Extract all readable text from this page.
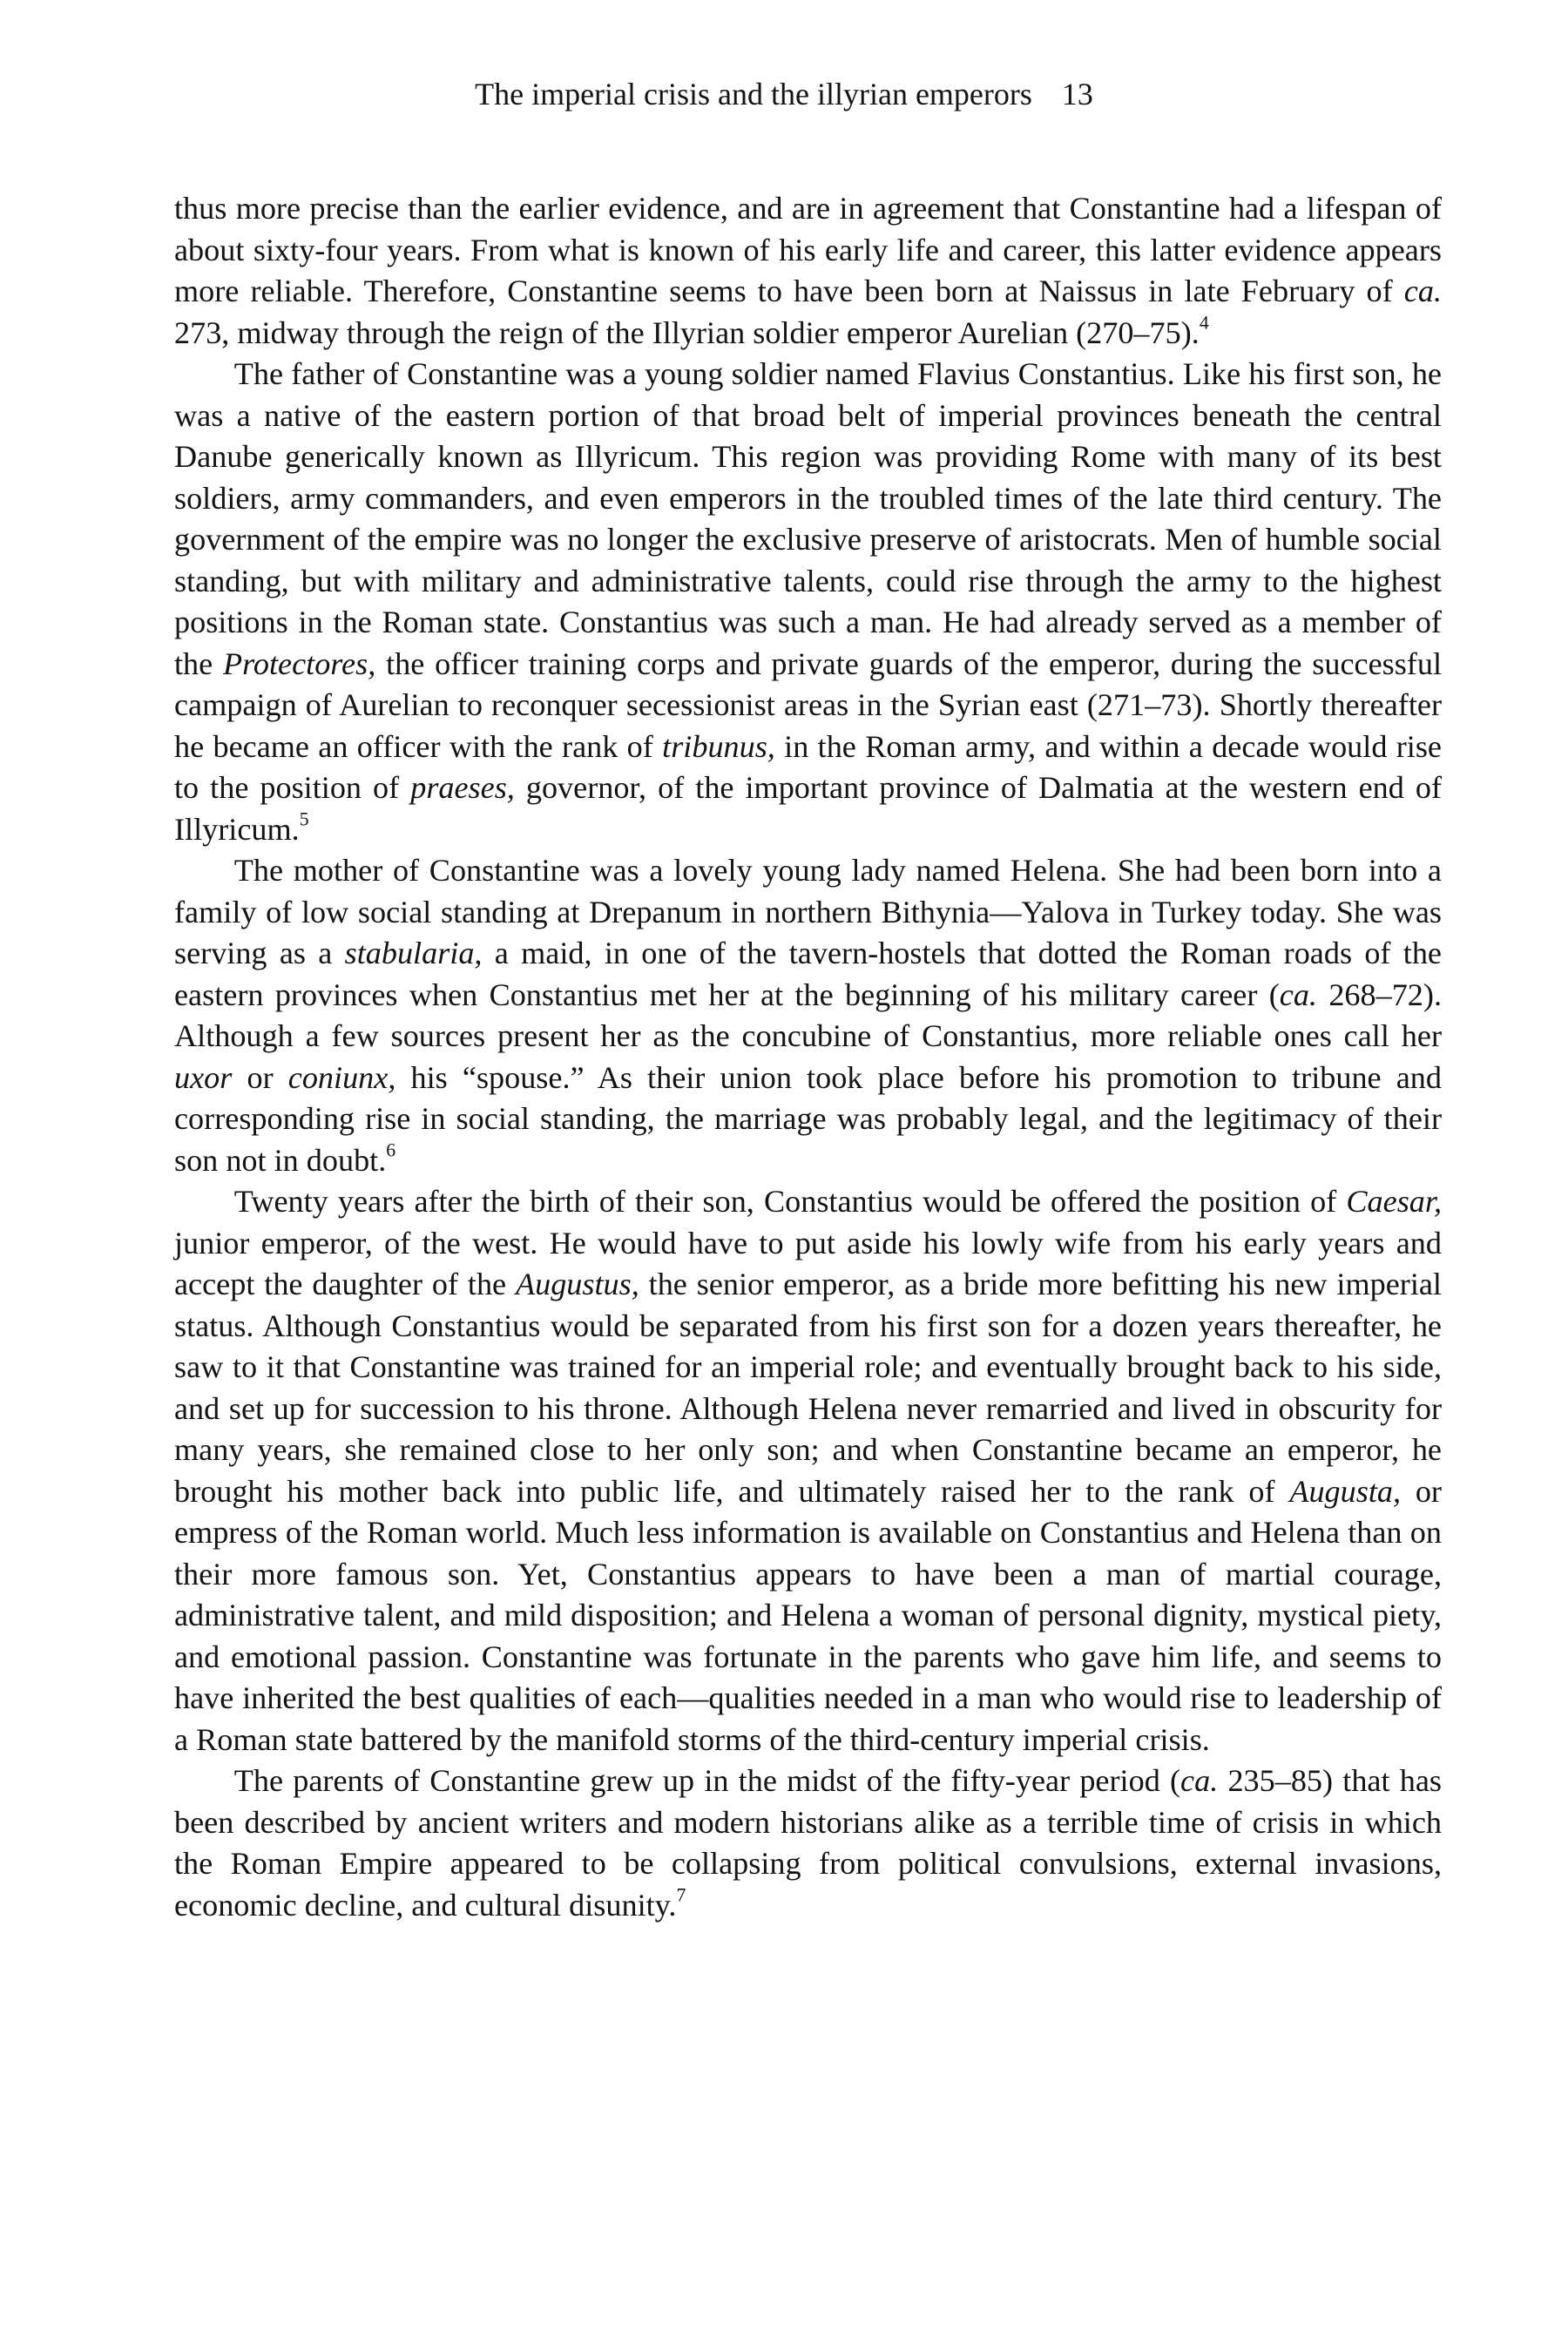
The imperial crisis and the illyrian emperors 13

thus more precise than the earlier evidence, and are in agreement that Constantine had a lifespan of about sixty-four years. From what is known of his early life and career, this latter evidence appears more reliable. Therefore, Constantine seems to have been born at Naissus in late February of ca. 273, midway through the reign of the Illyrian soldier emperor Aurelian (270–75).$^4$

The father of Constantine was a young soldier named Flavius Constantius. Like his first son, he was a native of the eastern portion of that broad belt of imperial provinces beneath the central Danube generically known as Illyricum. This region was providing Rome with many of its best soldiers, army commanders, and even emperors in the troubled times of the late third century. The government of the empire was no longer the exclusive preserve of aristocrats. Men of humble social standing, but with military and administrative talents, could rise through the army to the highest positions in the Roman state. Constantius was such a man. He had already served as a member of the Protectores, the officer training corps and private guards of the emperor, during the successful campaign of Aurelian to reconquer secessionist areas in the Syrian east (271–73). Shortly thereafter he became an officer with the rank of tribunus, in the Roman army, and within a decade would rise to the position of praeses, governor, of the important province of Dalmatia at the western end of Illyricum.$^5$

The mother of Constantine was a lovely young lady named Helena. She had been born into a family of low social standing at Drepanum in northern Bithynia—Yalova in Turkey today. She was serving as a stabularia, a maid, in one of the tavern-hostels that dotted the Roman roads of the eastern provinces when Constantius met her at the beginning of his military career (ca. 268–72). Although a few sources present her as the concubine of Constantius, more reliable ones call her uxor or coniunx, his “spouse.” As their union took place before his promotion to tribune and corresponding rise in social standing, the marriage was probably legal, and the legitimacy of their son not in doubt.$^6$

Twenty years after the birth of their son, Constantius would be offered the position of Caesar, junior emperor, of the west. He would have to put aside his lowly wife from his early years and accept the daughter of the Augustus, the senior emperor, as a bride more befitting his new imperial status. Although Constantius would be separated from his first son for a dozen years thereafter, he saw to it that Constantine was trained for an imperial role; and eventually brought back to his side, and set up for succession to his throne. Although Helena never remarried and lived in obscurity for many years, she remained close to her only son; and when Constantine became an emperor, he brought his mother back into public life, and ultimately raised her to the rank of Augusta, or empress of the Roman world. Much less information is available on Constantius and Helena than on their more famous son. Yet, Constantius appears to have been a man of martial courage, administrative talent, and mild disposition; and Helena a woman of personal dignity, mystical piety, and emotional passion. Constantine was fortunate in the parents who gave him life, and seems to have inherited the best qualities of each—qualities needed in a man who would rise to leadership of a Roman state battered by the manifold storms of the third-century imperial crisis.

The parents of Constantine grew up in the midst of the fifty-year period (ca. 235–85) that has been described by ancient writers and modern historians alike as a terrible time of crisis in which the Roman Empire appeared to be collapsing from political convulsions, external invasions, economic decline, and cultural disunity.$^7$
